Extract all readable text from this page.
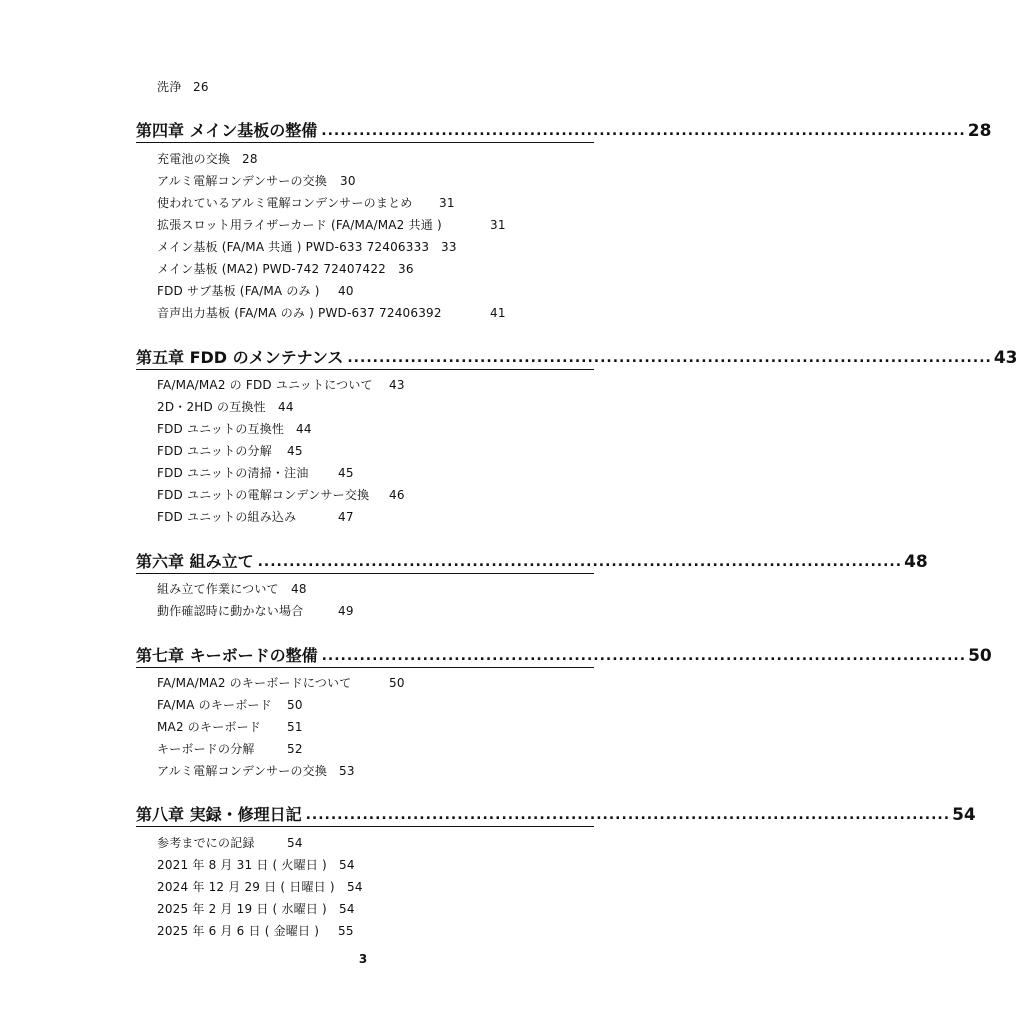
洗浄 26
第四章 メイン基板の整備 ...................................................................................................... 28
充電池の交換 28
アルミ電解コンデンサーの交換 30
使われているアルミ電解コンデンサーのまとめ 31
拡張スロット用ライザーカード (FA/MA/MA2 共通 )	31
メイン基板 (FA/MA 共通 ) PWD-633 72406333 33
メイン基板 (MA2) PWD-742 72407422 36
FDD サブ基板 (FA/MA のみ ) 40
音声出力基板 (FA/MA のみ ) PWD-637 72406392	41
第五章 FDD のメンテナンス ...................................................................................................... 43
FA/MA/MA2 の FDD ユニットについて 43
2D・2HD の互換性 44
FDD ユニットの互換性 44
FDD ユニットの分解 45
FDD ユニットの清掃・注油 45
FDD ユニットの電解コンデンサー交換 46
FDD ユニットの組み込み	47
第六章 組み立て ...................................................................................................... 48
組み立て作業について 48
動作確認時に動かない場合	49
第七章 キーボードの整備 ...................................................................................................... 50
FA/MA/MA2 のキーボードについて	50
FA/MA のキーボード 50
MA2 のキーボード 51
キーボードの分解	52
アルミ電解コンデンサーの交換 53
第八章 実録・修理日記 ...................................................................................................... 54
参考までにの記録	54
2021 年 8 月 31 日 ( 火曜日 ) 54
2024 年 12 月 29 日 ( 日曜日 ) 54
2025 年 2 月 19 日 ( 水曜日 ) 54
2025 年 6 月 6 日 ( 金曜日 ) 55
3
